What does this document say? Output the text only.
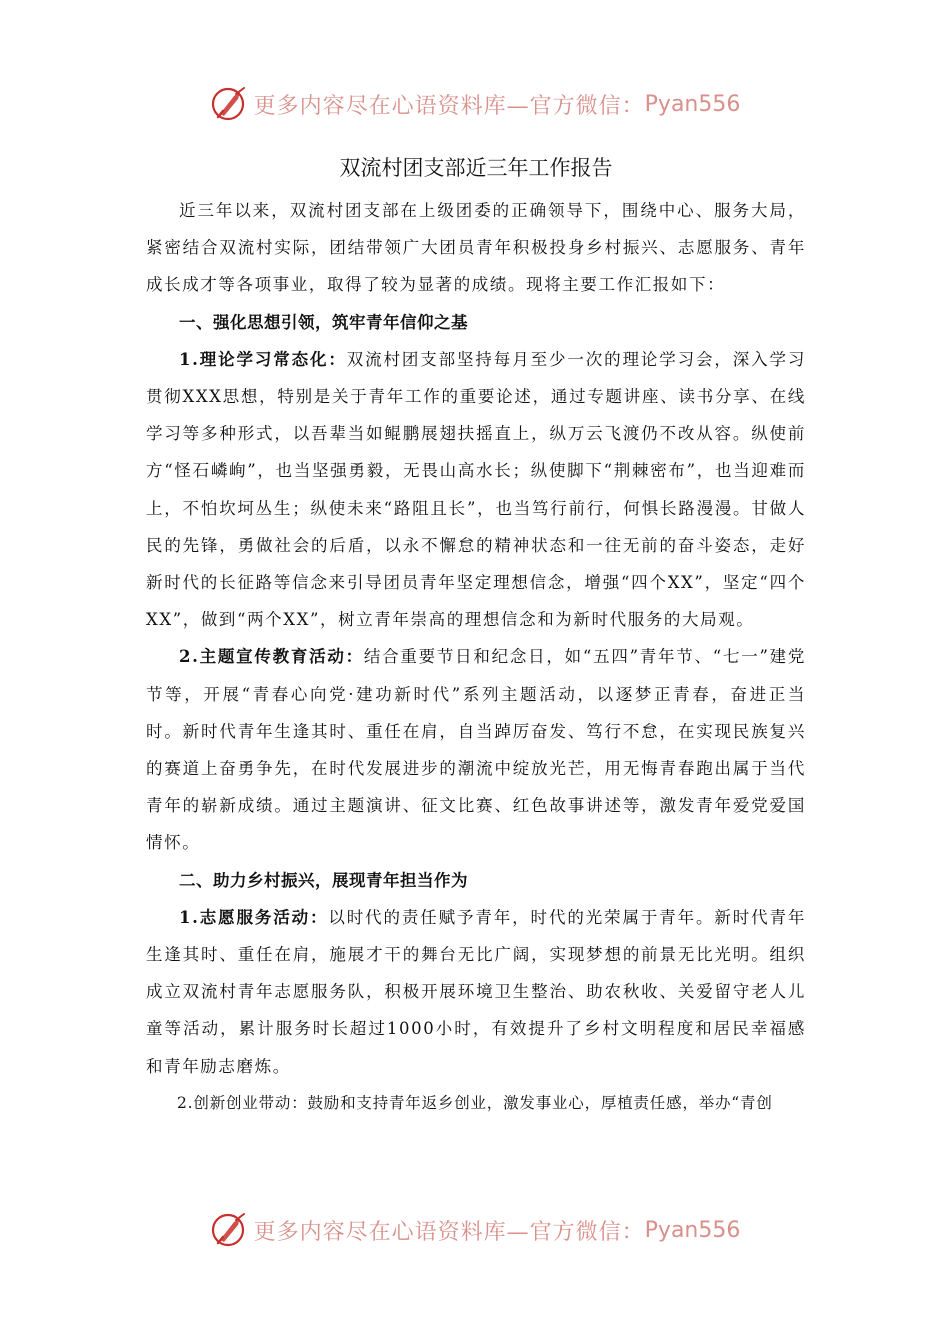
更多内容尽在心语资料库—官方微信： Pyan556
双流村团支部近三年工作报告

近三年以来，双流村团支部在上级团委的正确领导下，围绕中心、服务大局，紧密结合双流村实际，团结带领广大团员青年积极投身乡村振兴、志愿服务、青年成长成才等各项事业，取得了较为显著的成绩。现将主要工作汇报如下：

一、强化思想引领，筑牢青年信仰之基

1.理论学习常态化：双流村团支部坚持每月至少一次的理论学习会，深入学习贯彻XXX思想，特别是关于青年工作的重要论述，通过专题讲座、读书分享、在线学习等多种形式，以吾辈当如鲲鹏展翅扶摇直上，纵万云飞渡仍不改从容。纵使前方“怪石嶙峋”，也当坚强勇毅，无畏山高水长；纵使脚下“荆棘密布”，也当迎难而上，不怕坎坷丛生；纵使未来“路阻且长”，也当笃行前行，何惧长路漫漫。甘做人民的先锋，勇做社会的后盾，以永不懈怠的精神状态和一往无前的奋斗姿态，走好新时代的长征路等信念来引导团员青年坚定理想信念，增强“四个XX”，坚定“四个XX”，做到“两个XX”，树立青年崇高的理想信念和为新时代服务的大局观。

2.主题宣传教育活动：结合重要节日和纪念日，如“五四”青年节、“七一”建党节等，开展“青春心向党·建功新时代”系列主题活动，以逐梦正青春，奋进正当时。新时代青年生逢其时、重任在肩，自当踔厉奋发、笃行不怠，在实现民族复兴的赛道上奋勇争先，在时代发展进步的潮流中绽放光芒，用无悔青春跑出属于当代青年的崭新成绩。通过主题演讲、征文比赛、红色故事讲述等，激发青年爱党爱国情怀。

二、助力乡村振兴，展现青年担当作为

1.志愿服务活动：以时代的责任赋予青年，时代的光荣属于青年。新时代青年生逢其时、重任在肩，施展才干的舞台无比广阔，实现梦想的前景无比光明。组织成立双流村青年志愿服务队，积极开展环境卫生整治、助农秋收、关爱留守老人儿童等活动，累计服务时长超过1000小时，有效提升了乡村文明程度和居民幸福感和青年励志磨炼。

2.创新创业带动：鼓励和支持青年返乡创业，激发事业心，厚植责任感，举办“青创

更多内容尽在心语资料库—官方微信： Pyan556
